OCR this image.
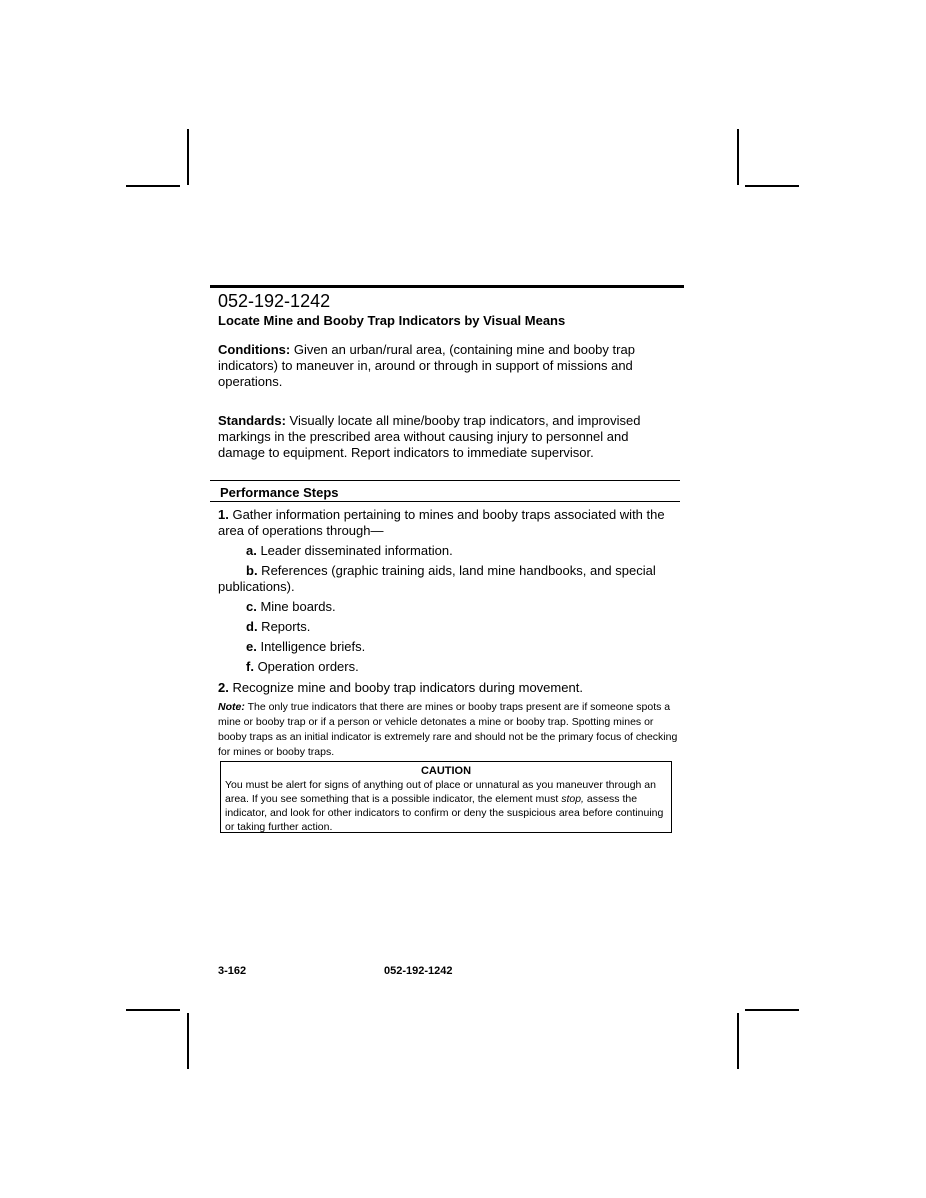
052-192-1242
Locate Mine and Booby Trap Indicators by Visual Means
Conditions: Given an urban/rural area, (containing mine and booby trap indicators) to maneuver in, around or through in support of missions and operations.
Standards: Visually locate all mine/booby trap indicators, and improvised markings in the prescribed area without causing injury to personnel and damage to equipment. Report indicators to immediate supervisor.
Performance Steps
1. Gather information pertaining to mines and booby traps associated with the area of operations through—
a. Leader disseminated information.
b. References (graphic training aids, land mine handbooks, and special publications).
c. Mine boards.
d. Reports.
e. Intelligence briefs.
f. Operation orders.
2. Recognize mine and booby trap indicators during movement.
Note: The only true indicators that there are mines or booby traps present are if someone spots a mine or booby trap or if a person or vehicle detonates a mine or booby trap. Spotting mines or booby traps as an initial indicator is extremely rare and should not be the primary focus of checking for mines or booby traps.
CAUTION
You must be alert for signs of anything out of place or unnatural as you maneuver through an area. If you see something that is a possible indicator, the element must stop, assess the indicator, and look for other indicators to confirm or deny the suspicious area before continuing or taking further action.
3-162	052-192-1242
